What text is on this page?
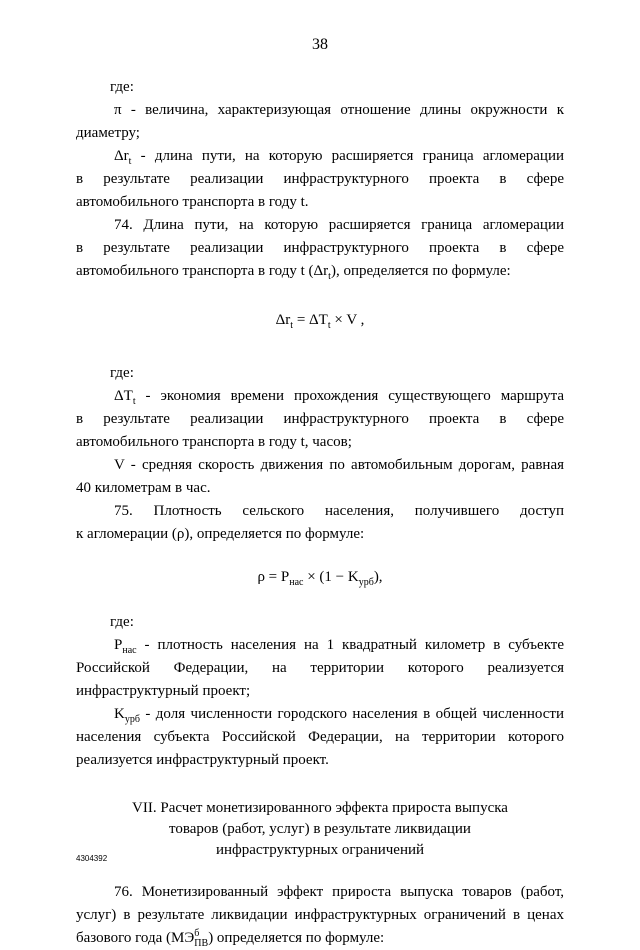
38

где:

π - величина, характеризующая отношение длины окружности к

диаметру;

$\Delta r_t$ - длина пути, на которую расширяется граница агломерации

в результате реализации инфраструктурного проекта в сфере

автомобильного транспорта в году t.

74. Длина пути, на которую расширяется граница агломерации

в результате реализации инфраструктурного проекта в сфере

автомобильного транспорта в году t $(\Delta r_t)$, определяется по формуле:

$\Delta r_t = \Delta T_t \times V$ ,

где:

$\Delta T_t$ - экономия времени прохождения существующего маршрута

в результате реализации инфраструктурного проекта в сфере

автомобильного транспорта в году t, часов;

V - средняя скорость движения по автомобильным дорогам, равная

40 километрам в час.

75. Плотность сельского населения, получившего доступ

к агломерации (ρ), определяется по формуле:

$\rho = P_{нас} \times (1 - K_{урб})$,

где:

$P_{нас}$ - плотность населения на 1 квадратный километр в субъекте

Российской Федерации, на территории которого реализуется

инфраструктурный проект;

$K_{урб}$ - доля численности городского населения в общей численности

населения субъекта Российской Федерации, на территории которого

реализуется инфраструктурный проект.

VII. Расчет монетизированного эффекта прироста выпуска
товаров (работ, услуг) в результате ликвидации
инфраструктурных ограничений

76. Монетизированный эффект прироста выпуска товаров (работ,

услуг) в результате ликвидации инфраструктурных ограничений в ценах

базового года (МЭ б
ПВ ) определяется по формуле:

4304392
